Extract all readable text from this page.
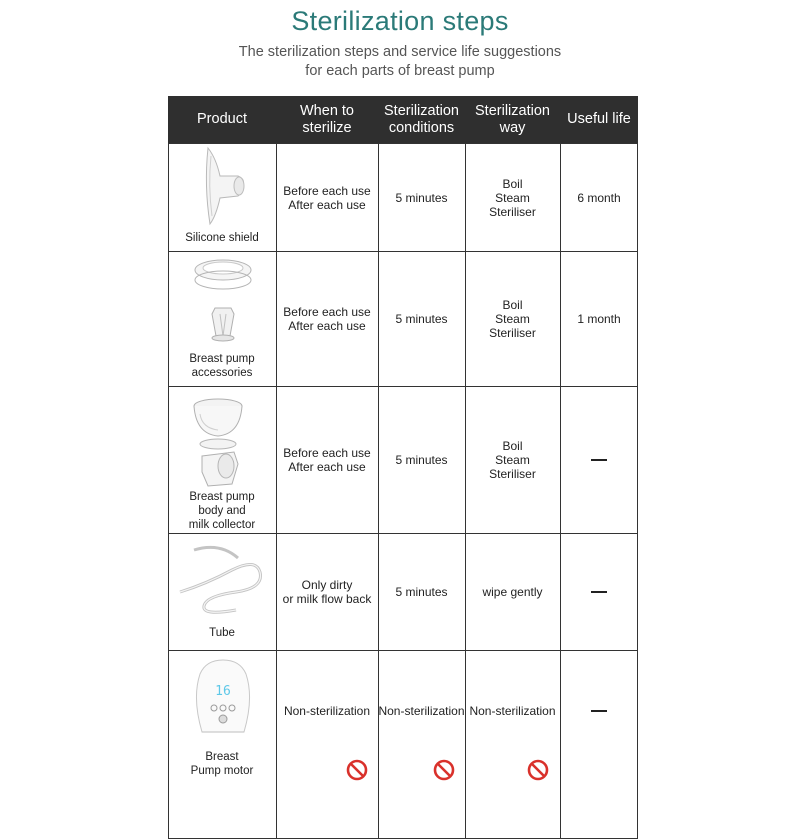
Sterilization steps
The sterilization steps and service life suggestions
for each parts of breast pump
Product
When to
sterilize
Sterilization
conditions
Sterilization
way
Useful life
Silicone shield
Before each use
After each use 5 minutes
Boil
Steam
Steriliser
6 month
Breast pump
accessories
Before each use
After each use 5 minutes
Boil
Steam
Steriliser
1 month
Breast pump
body and
milk collector
Before each use
After each use 5 minutes
Boil
Steam
Steriliser
Tube
Only dirty
or milk flow back 5 minutes	wipe gently
16
Breast
Pump motor
Non-sterilization Non-sterilization Non-sterilization
